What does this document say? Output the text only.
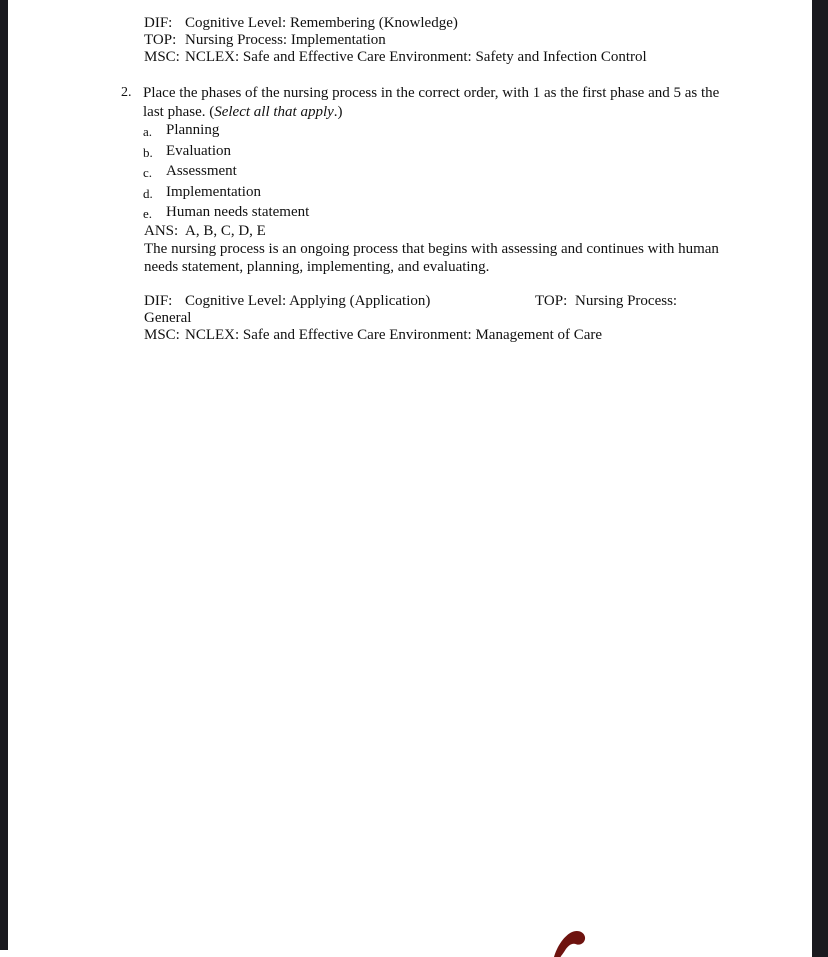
DIF: Cognitive Level: Remembering (Knowledge)
TOP: Nursing Process: Implementation
MSC: NCLEX: Safe and Effective Care Environment: Safety and Infection Control
2. Place the phases of the nursing process in the correct order, with 1 as the first phase and 5 as the last phase. (Select all that apply.)

a. Planning
b. Evaluation
c. Assessment
d. Implementation
e. Human needs statement
ANS: A, B, C, D, E

The nursing process is an ongoing process that begins with assessing and continues with human needs statement, planning, implementing, and evaluating.

DIF: Cognitive Level: Applying (Application)	TOP: Nursing Process:
General
MSC: NCLEX: Safe and Effective Care Environment: Management of Care
